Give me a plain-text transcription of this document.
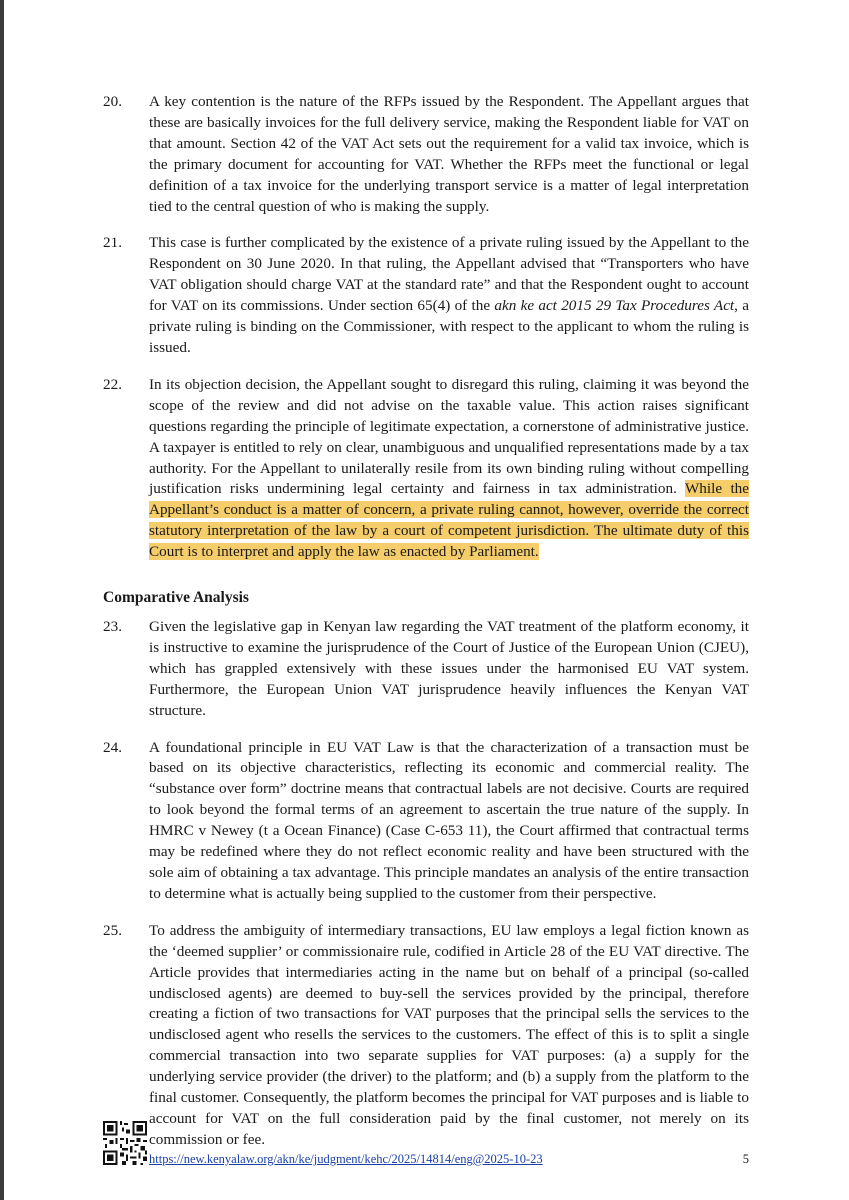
20.	A key contention is the nature of the RFPs issued by the Respondent. The Appellant argues that these are basically invoices for the full delivery service, making the Respondent liable for VAT on that amount. Section 42 of the VAT Act sets out the requirement for a valid tax invoice, which is the primary document for accounting for VAT. Whether the RFPs meet the functional or legal definition of a tax invoice for the underlying transport service is a matter of legal interpretation tied to the central question of who is making the supply.
21.	This case is further complicated by the existence of a private ruling issued by the Appellant to the Respondent on 30 June 2020. In that ruling, the Appellant advised that “Transporters who have VAT obligation should charge VAT at the standard rate” and that the Respondent ought to account for VAT on its commissions. Under section 65(4) of the akn ke act 2015 29 Tax Procedures Act, a private ruling is binding on the Commissioner, with respect to the applicant to whom the ruling is issued.
22.	In its objection decision, the Appellant sought to disregard this ruling, claiming it was beyond the scope of the review and did not advise on the taxable value. This action raises significant questions regarding the principle of legitimate expectation, a cornerstone of administrative justice. A taxpayer is entitled to rely on clear, unambiguous and unqualified representations made by a tax authority. For the Appellant to unilaterally resile from its own binding ruling without compelling justification risks undermining legal certainty and fairness in tax administration. While the Appellant’s conduct is a matter of concern, a private ruling cannot, however, override the correct statutory interpretation of the law by a court of competent jurisdiction. The ultimate duty of this Court is to interpret and apply the law as enacted by Parliament.
Comparative Analysis
23.	Given the legislative gap in Kenyan law regarding the VAT treatment of the platform economy, it is instructive to examine the jurisprudence of the Court of Justice of the European Union (CJEU), which has grappled extensively with these issues under the harmonised EU VAT system. Furthermore, the European Union VAT jurisprudence heavily influences the Kenyan VAT structure.
24.	A foundational principle in EU VAT Law is that the characterization of a transaction must be based on its objective characteristics, reflecting its economic and commercial reality. The “substance over form” doctrine means that contractual labels are not decisive. Courts are required to look beyond the formal terms of an agreement to ascertain the true nature of the supply. In HMRC v Newey (t a Ocean Finance) (Case C-653 11), the Court affirmed that contractual terms may be redefined where they do not reflect economic reality and have been structured with the sole aim of obtaining a tax advantage. This principle mandates an analysis of the entire transaction to determine what is actually being supplied to the customer from their perspective.
25.	To address the ambiguity of intermediary transactions, EU law employs a legal fiction known as the ‘deemed supplier’ or commissionaire rule, codified in Article 28 of the EU VAT directive. The Article provides that intermediaries acting in the name but on behalf of a principal (so-called undisclosed agents) are deemed to buy-sell the services provided by the principal, therefore creating a fiction of two transactions for VAT purposes that the principal sells the services to the undisclosed agent who resells the services to the customers. The effect of this is to split a single commercial transaction into two separate supplies for VAT purposes: (a) a supply for the underlying service provider (the driver) to the platform; and (b) a supply from the platform to the final customer. Consequently, the platform becomes the principal for VAT purposes and is liable to account for VAT on the full consideration paid by the final customer, not merely on its commission or fee.
https://new.kenyalaw.org/akn/ke/judgment/kehc/2025/14814/eng@2025-10-23	5
